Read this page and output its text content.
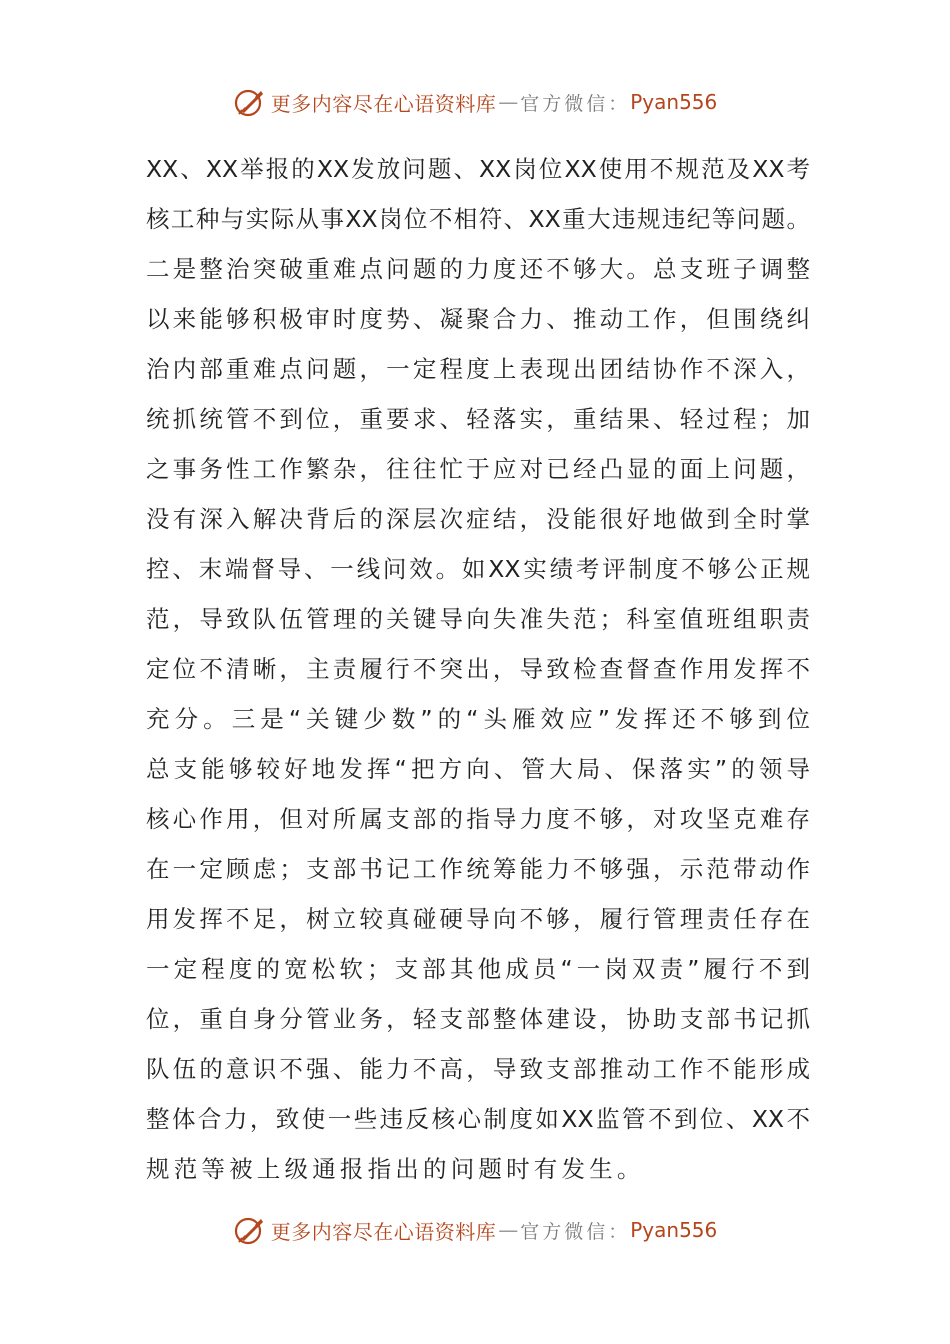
更多内容尽在心语资料库 — 官方微信： Pyan556
XX、XX举报的XX发放问题、XX岗位XX使用不规范及XX考
核工种与实际从事XX岗位不相符、XX重大违规违纪等问题。
二是整治突破重难点问题的力度还不够大。总支班子调整
以来能够积极审时度势、凝聚合力、推动工作，但围绕纠
治内部重难点问题，一定程度上表现出团结协作不深入，
统抓统管不到位，重要求、轻落实，重结果、轻过程；加
之事务性工作繁杂，往往忙于应对已经凸显的面上问题，
没有深入解决背后的深层次症结，没能很好地做到全时掌
控、末端督导、一线问效。如XX实绩考评制度不够公正规
范，导致队伍管理的关键导向失准失范；科室值班组职责
定位不清晰，主责履行不突出，导致检查督查作用发挥不
充分。三是“关键少数”的“头雁效应”发挥还不够到位
总支能够较好地发挥“把方向、管大局、保落实”的领导
核心作用，但对所属支部的指导力度不够，对攻坚克难存
在一定顾虑；支部书记工作统筹能力不够强，示范带动作
用发挥不足，树立较真碰硬导向不够，履行管理责任存在
一定程度的宽松软；支部其他成员“一岗双责”履行不到
位，重自身分管业务，轻支部整体建设，协助支部书记抓
队伍的意识不强、能力不高，导致支部推动工作不能形成
整体合力，致使一些违反核心制度如XX监管不到位、XX不
规范等被上级通报指出的问题时有发生。
更多内容尽在心语资料库 — 官方微信： Pyan556
